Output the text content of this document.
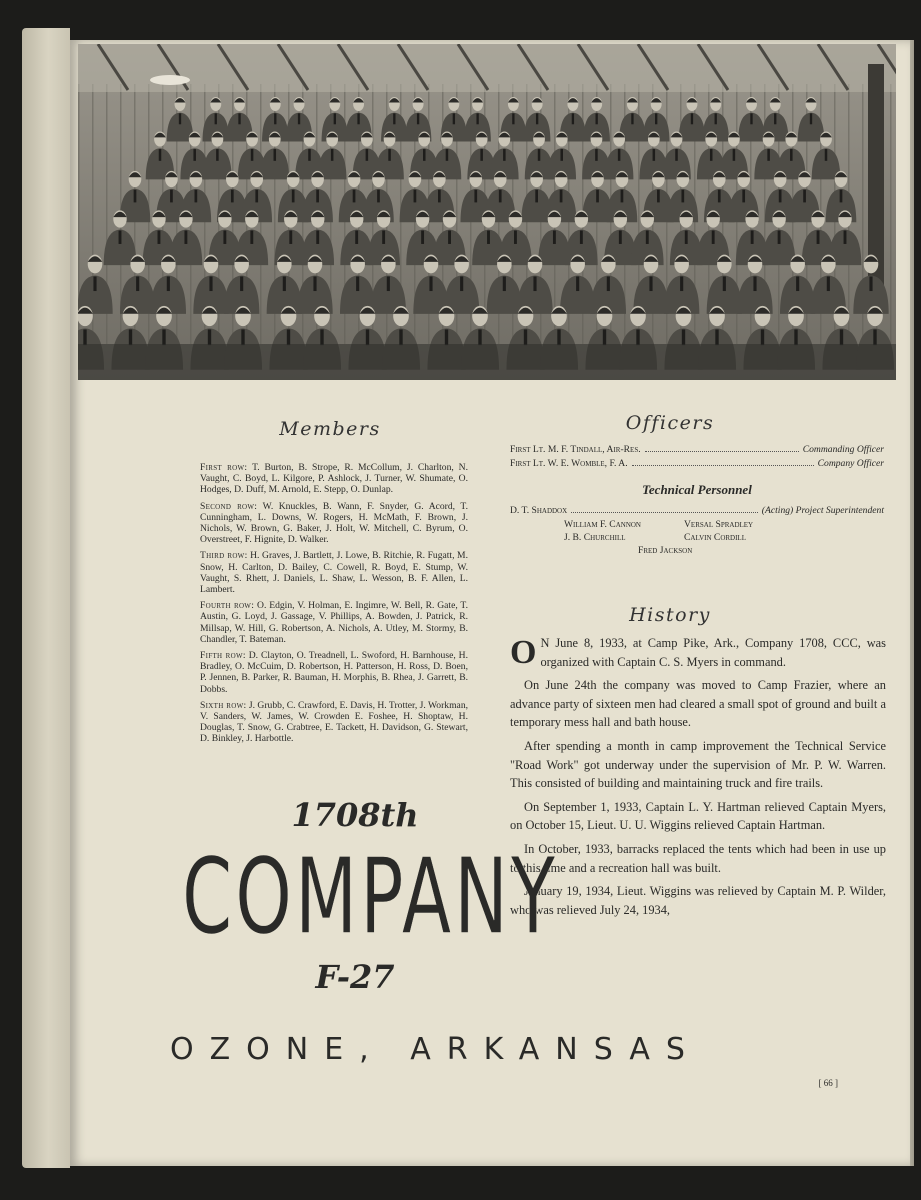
Members

First row: T. Burton, B. Strope, R. McCollum, J. Charlton, N. Vaught, C. Boyd, L. Kilgore, P. Ashlock, J. Turner, W. Shumate, O. Hodges, D. Duff, M. Arnold, E. Stepp, O. Dunlap.

Second row: W. Knuckles, B. Wann, F. Snyder, G. Acord, T. Cunningham, L. Downs, W. Rogers, H. McMath, F. Brown, J. Nichols, W. Brown, G. Baker, J. Holt, W. Mitchell, C. Byrum, O. Overstreet, F. Hignite, D. Walker.

Third row: H. Graves, J. Bartlett, J. Lowe, B. Ritchie, R. Fugatt, M. Snow, H. Carlton, D. Bailey, C. Cowell, R. Boyd, E. Stump, W. Vaught, S. Rhett, J. Daniels, L. Shaw, L. Wesson, B. F. Allen, L. Lambert.

Fourth row: O. Edgin, V. Holman, E. Ingimre, W. Bell, R. Gate, T. Austin, G. Loyd, J. Gassage, V. Phillips, A. Bowden, J. Patrick, R. Millsap, W. Hill, G. Robertson, A. Nichols, A. Utley, M. Stormy, B. Chandler, T. Bateman.

Fifth row: D. Clayton, O. Treadnell, L. Swoford, H. Barnhouse, H. Bradley, O. McCuim, D. Robertson, H. Patterson, H. Ross, D. Boen, P. Jennen, B. Parker, R. Bauman, H. Morphis, B. Rhea, J. Garrett, B. Dobbs.

Sixth row: J. Grubb, C. Crawford, E. Davis, H. Trotter, J. Workman, V. Sanders, W. James, W. Crowden E. Foshee, H. Shoptaw, H. Douglas, T. Snow, G. Crabtree, E. Tackett, H. Davidson, G. Stewart, D. Binkley, J. Harbottle.

Officers
First Lt. M. F. Tindall, Air-Res.	Commanding Officer
First Lt. W. E. Womble, F. A.	Company Officer
Technical Personnel
D. T. Shaddox	(Acting) Project Superintendent
William F. Cannon	Versal Spradley
J. B. Churchill	Calvin Cordill
Fred Jackson
History

O N June 8, 1933, at Camp Pike, Ark., Company 1708, CCC, was organized with Captain C. S. Myers in command.

On June 24th the company was moved to Camp Frazier, where an advance party of sixteen men had cleared a small spot of ground and built a temporary mess hall and bath house.

After spending a month in camp improvement the Technical Service "Road Work" got underway under the supervision of Mr. P. W. Warren. This consisted of building and maintaining truck and fire trails.

On September 1, 1933, Captain L. Y. Hartman relieved Captain Myers, on October 15, Lieut. U. U. Wiggins relieved Captain Hartman.

In October, 1933, barracks replaced the tents which had been in use up to this time and a recreation hall was built.

January 19, 1934, Lieut. Wiggins was relieved by Captain M. P. Wilder, who was relieved July 24, 1934,

1708th
COMPANY
F-27
OZONE, ARKANSAS
[ 66 ]
